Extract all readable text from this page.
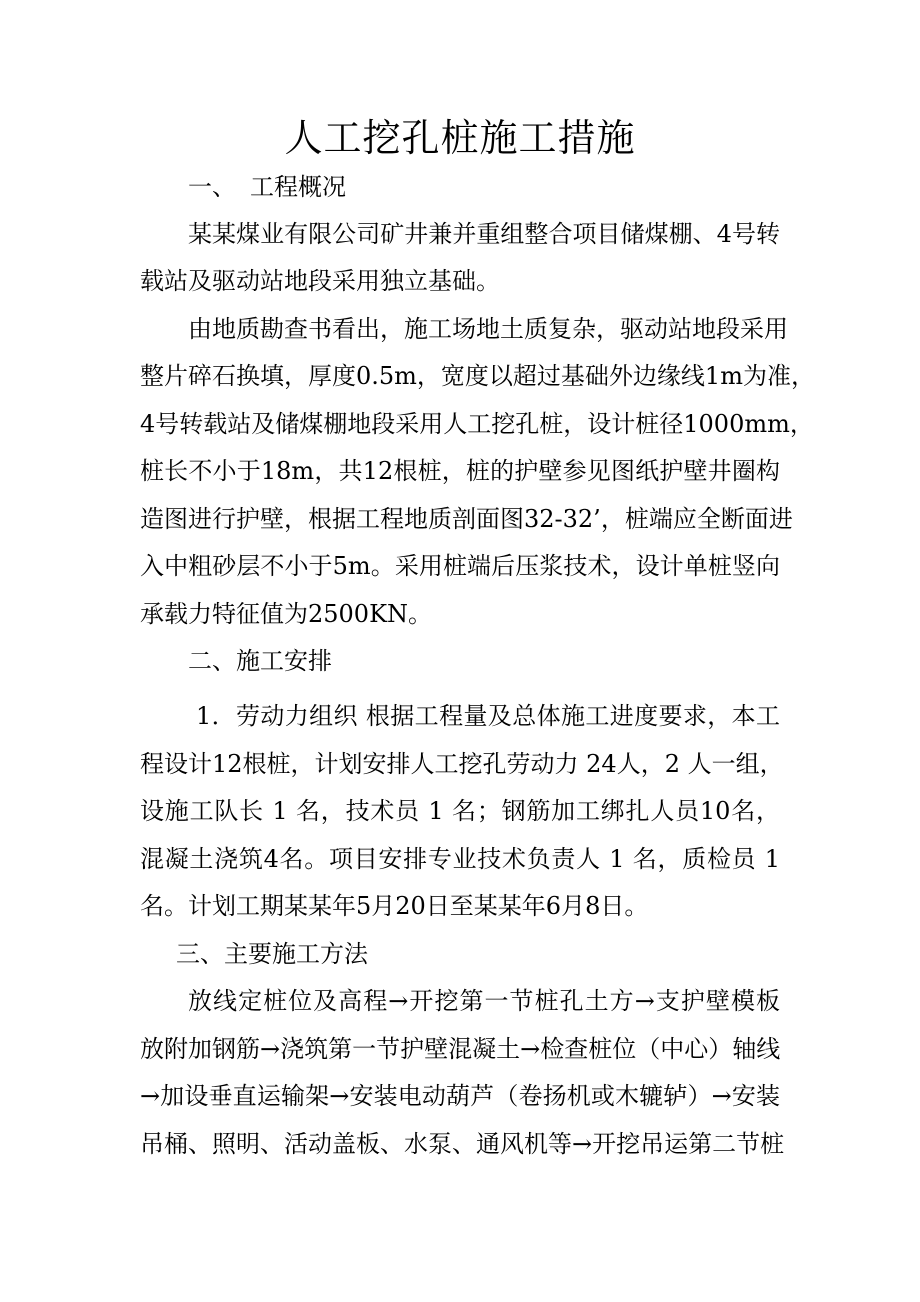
人工挖孔桩施工措施
一、 工程概况
某某煤业有限公司矿井兼并重组整合项目储煤棚、4号转
载站及驱动站地段采用独立基础。
由地质勘查书看出，施工场地土质复杂，驱动站地段采用
整片碎石换填，厚度0.5m，宽度以超过基础外边缘线1m为准，
4号转载站及储煤棚地段采用人工挖孔桩，设计桩径1000mm，
桩长不小于18m，共12根桩，桩的护壁参见图纸护壁井圈构
造图进行护壁，根据工程地质剖面图32-32’，桩端应全断面进
入中粗砂层不小于5m。采用桩端后压浆技术，设计单桩竖向
承载力特征值为2500KN。
二、施工安排
1．劳动力组织 根据工程量及总体施工进度要求，本工
程设计12根桩，计划安排人工挖孔劳动力 24人，2 人一组，
设施工队长 1 名，技术员 1 名；钢筋加工绑扎人员10名，
混凝土浇筑4名。项目安排专业技术负责人 1 名，质检员 1
名。计划工期某某年5月20日至某某年6月8日。
三、主要施工方法
放线定桩位及高程→开挖第一节桩孔土方→支护壁模板
放附加钢筋→浇筑第一节护壁混凝土→检查桩位（中心）轴线
→加设垂直运输架→安装电动葫芦（卷扬机或木辘轳）→安装
吊桶、照明、活动盖板、水泵、通风机等→开挖吊运第二节桩
